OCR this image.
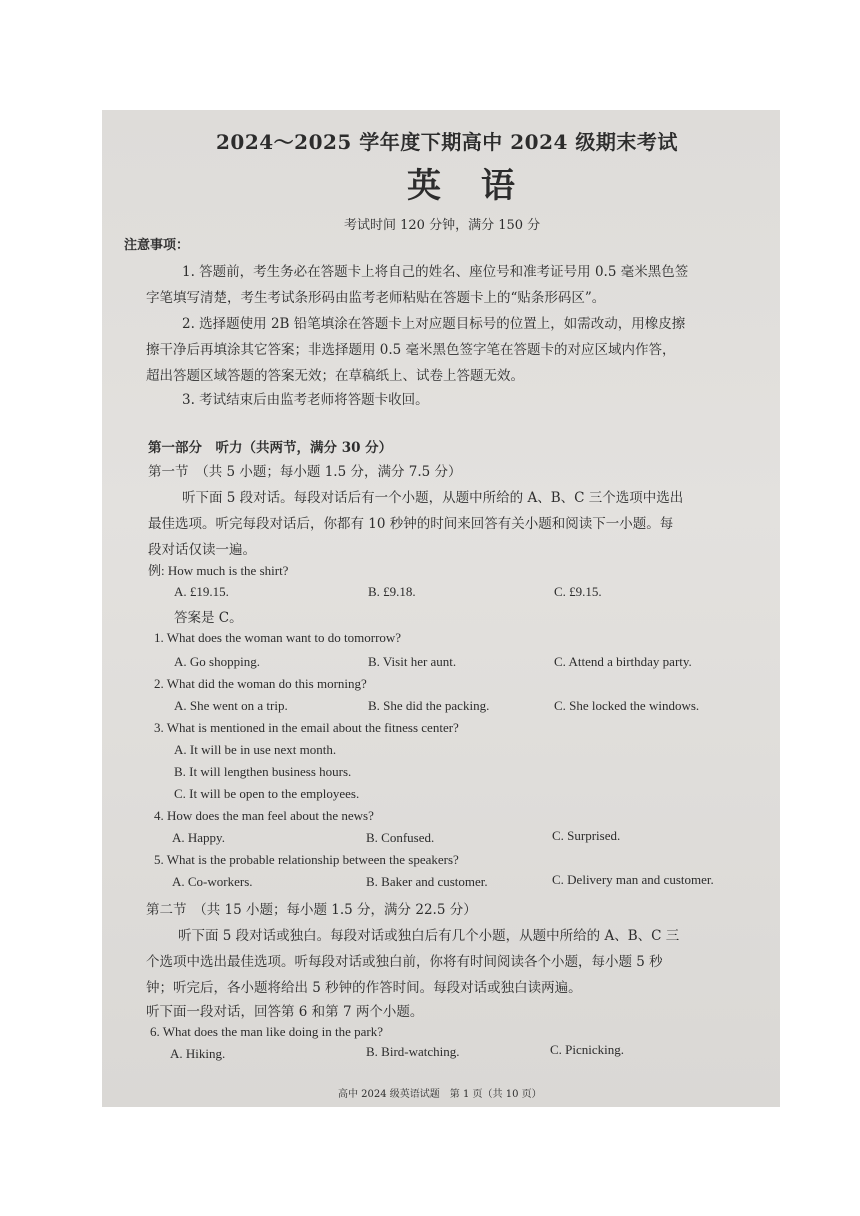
2024～2025 学年度下期高中 2024 级期末考试
英 语
考试时间 120 分钟，满分 150 分
注意事项：
1. 答题前，考生务必在答题卡上将自己的姓名、座位号和准考证号用 0.5 毫米黑色签
字笔填写清楚，考生考试条形码由监考老师粘贴在答题卡上的“贴条形码区”。
2. 选择题使用 2B 铅笔填涂在答题卡上对应题目标号的位置上，如需改动，用橡皮擦
擦干净后再填涂其它答案；非选择题用 0.5 毫米黑色签字笔在答题卡的对应区域内作答，
超出答题区域答题的答案无效；在草稿纸上、试卷上答题无效。
3. 考试结束后由监考老师将答题卡收回。
第一部分　听力（共两节，满分 30 分）
第一节　（共 5 小题；每小题 1.5 分，满分 7.5 分）
听下面 5 段对话。每段对话后有一个小题，从题中所给的 A、B、C 三个选项中选出
最佳选项。听完每段对话后，你都有 10 秒钟的时间来回答有关小题和阅读下一小题。每
段对话仅读一遍。
例: How much is the shirt?
A. £19.15.	B. £9.18.	C. £9.15.
答案是 C。
1. What does the woman want to do tomorrow?
A. Go shopping.	B. Visit her aunt.	C. Attend a birthday party.
2. What did the woman do this morning?
A. She went on a trip.	B. She did the packing.	C. She locked the windows.
3. What is mentioned in the email about the fitness center?
A. It will be in use next month.
B. It will lengthen business hours.
C. It will be open to the employees.
4. How does the man feel about the news?
A. Happy.	B. Confused.	C. Surprised.
5. What is the probable relationship between the speakers?
A. Co-workers.	B. Baker and customer.	C. Delivery man and customer.
第二节　（共 15 小题；每小题 1.5 分，满分 22.5 分）
听下面 5 段对话或独白。每段对话或独白后有几个小题，从题中所给的 A、B、C 三
个选项中选出最佳选项。听每段对话或独白前，你将有时间阅读各个小题，每小题 5 秒
钟；听完后，各小题将给出 5 秒钟的作答时间。每段对话或独白读两遍。
听下面一段对话，回答第 6 和第 7 两个小题。
6. What does the man like doing in the park?
A. Hiking.	B. Bird-watching.	C. Picnicking.
高中 2024 级英语试题　第 1 页（共 10 页）
